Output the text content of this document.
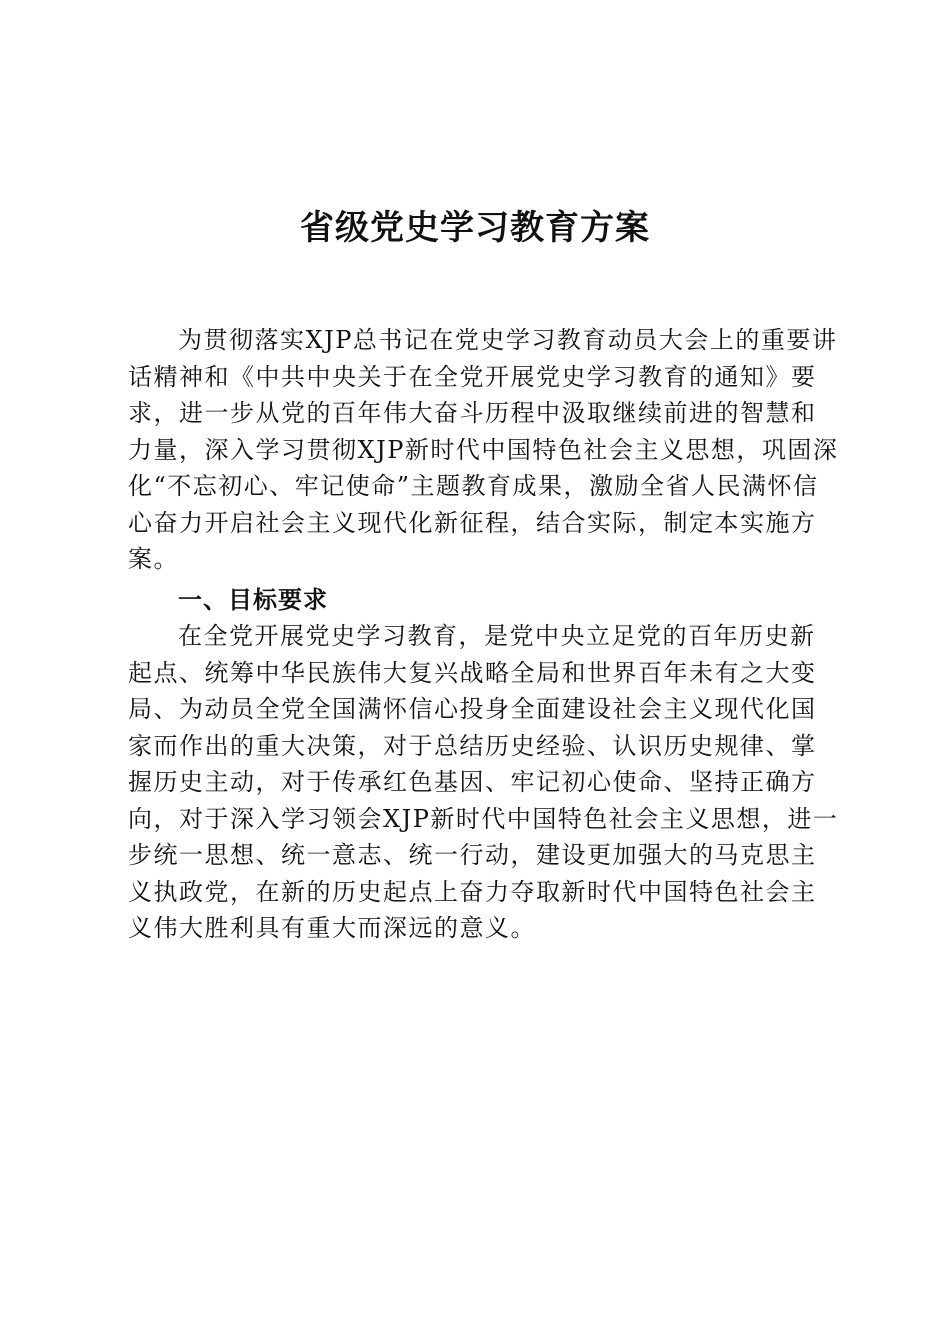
省级党史学习教育方案

为贯彻落实XJP总书记在党史学习教育动员大会上的重要讲话精神和《中共中央关于在全党开展党史学习教育的通知》要求，进一步从党的百年伟大奋斗历程中汲取继续前进的智慧和力量，深入学习贯彻XJP新时代中国特色社会主义思想，巩固深化“不忘初心、牢记使命”主题教育成果，激励全省人民满怀信心奋力开启社会主义现代化新征程，结合实际，制定本实施方案。

一、目标要求

在全党开展党史学习教育，是党中央立足党的百年历史新起点、统筹中华民族伟大复兴战略全局和世界百年未有之大变局、为动员全党全国满怀信心投身全面建设社会主义现代化国家而作出的重大决策，对于总结历史经验、认识历史规律、掌握历史主动，对于传承红色基因、牢记初心使命、坚持正确方向，对于深入学习领会XJP新时代中国特色社会主义思想，进一步统一思想、统一意志、统一行动，建设更加强大的马克思主义执政党，在新的历史起点上奋力夺取新时代中国特色社会主义伟大胜利具有重大而深远的意义。
